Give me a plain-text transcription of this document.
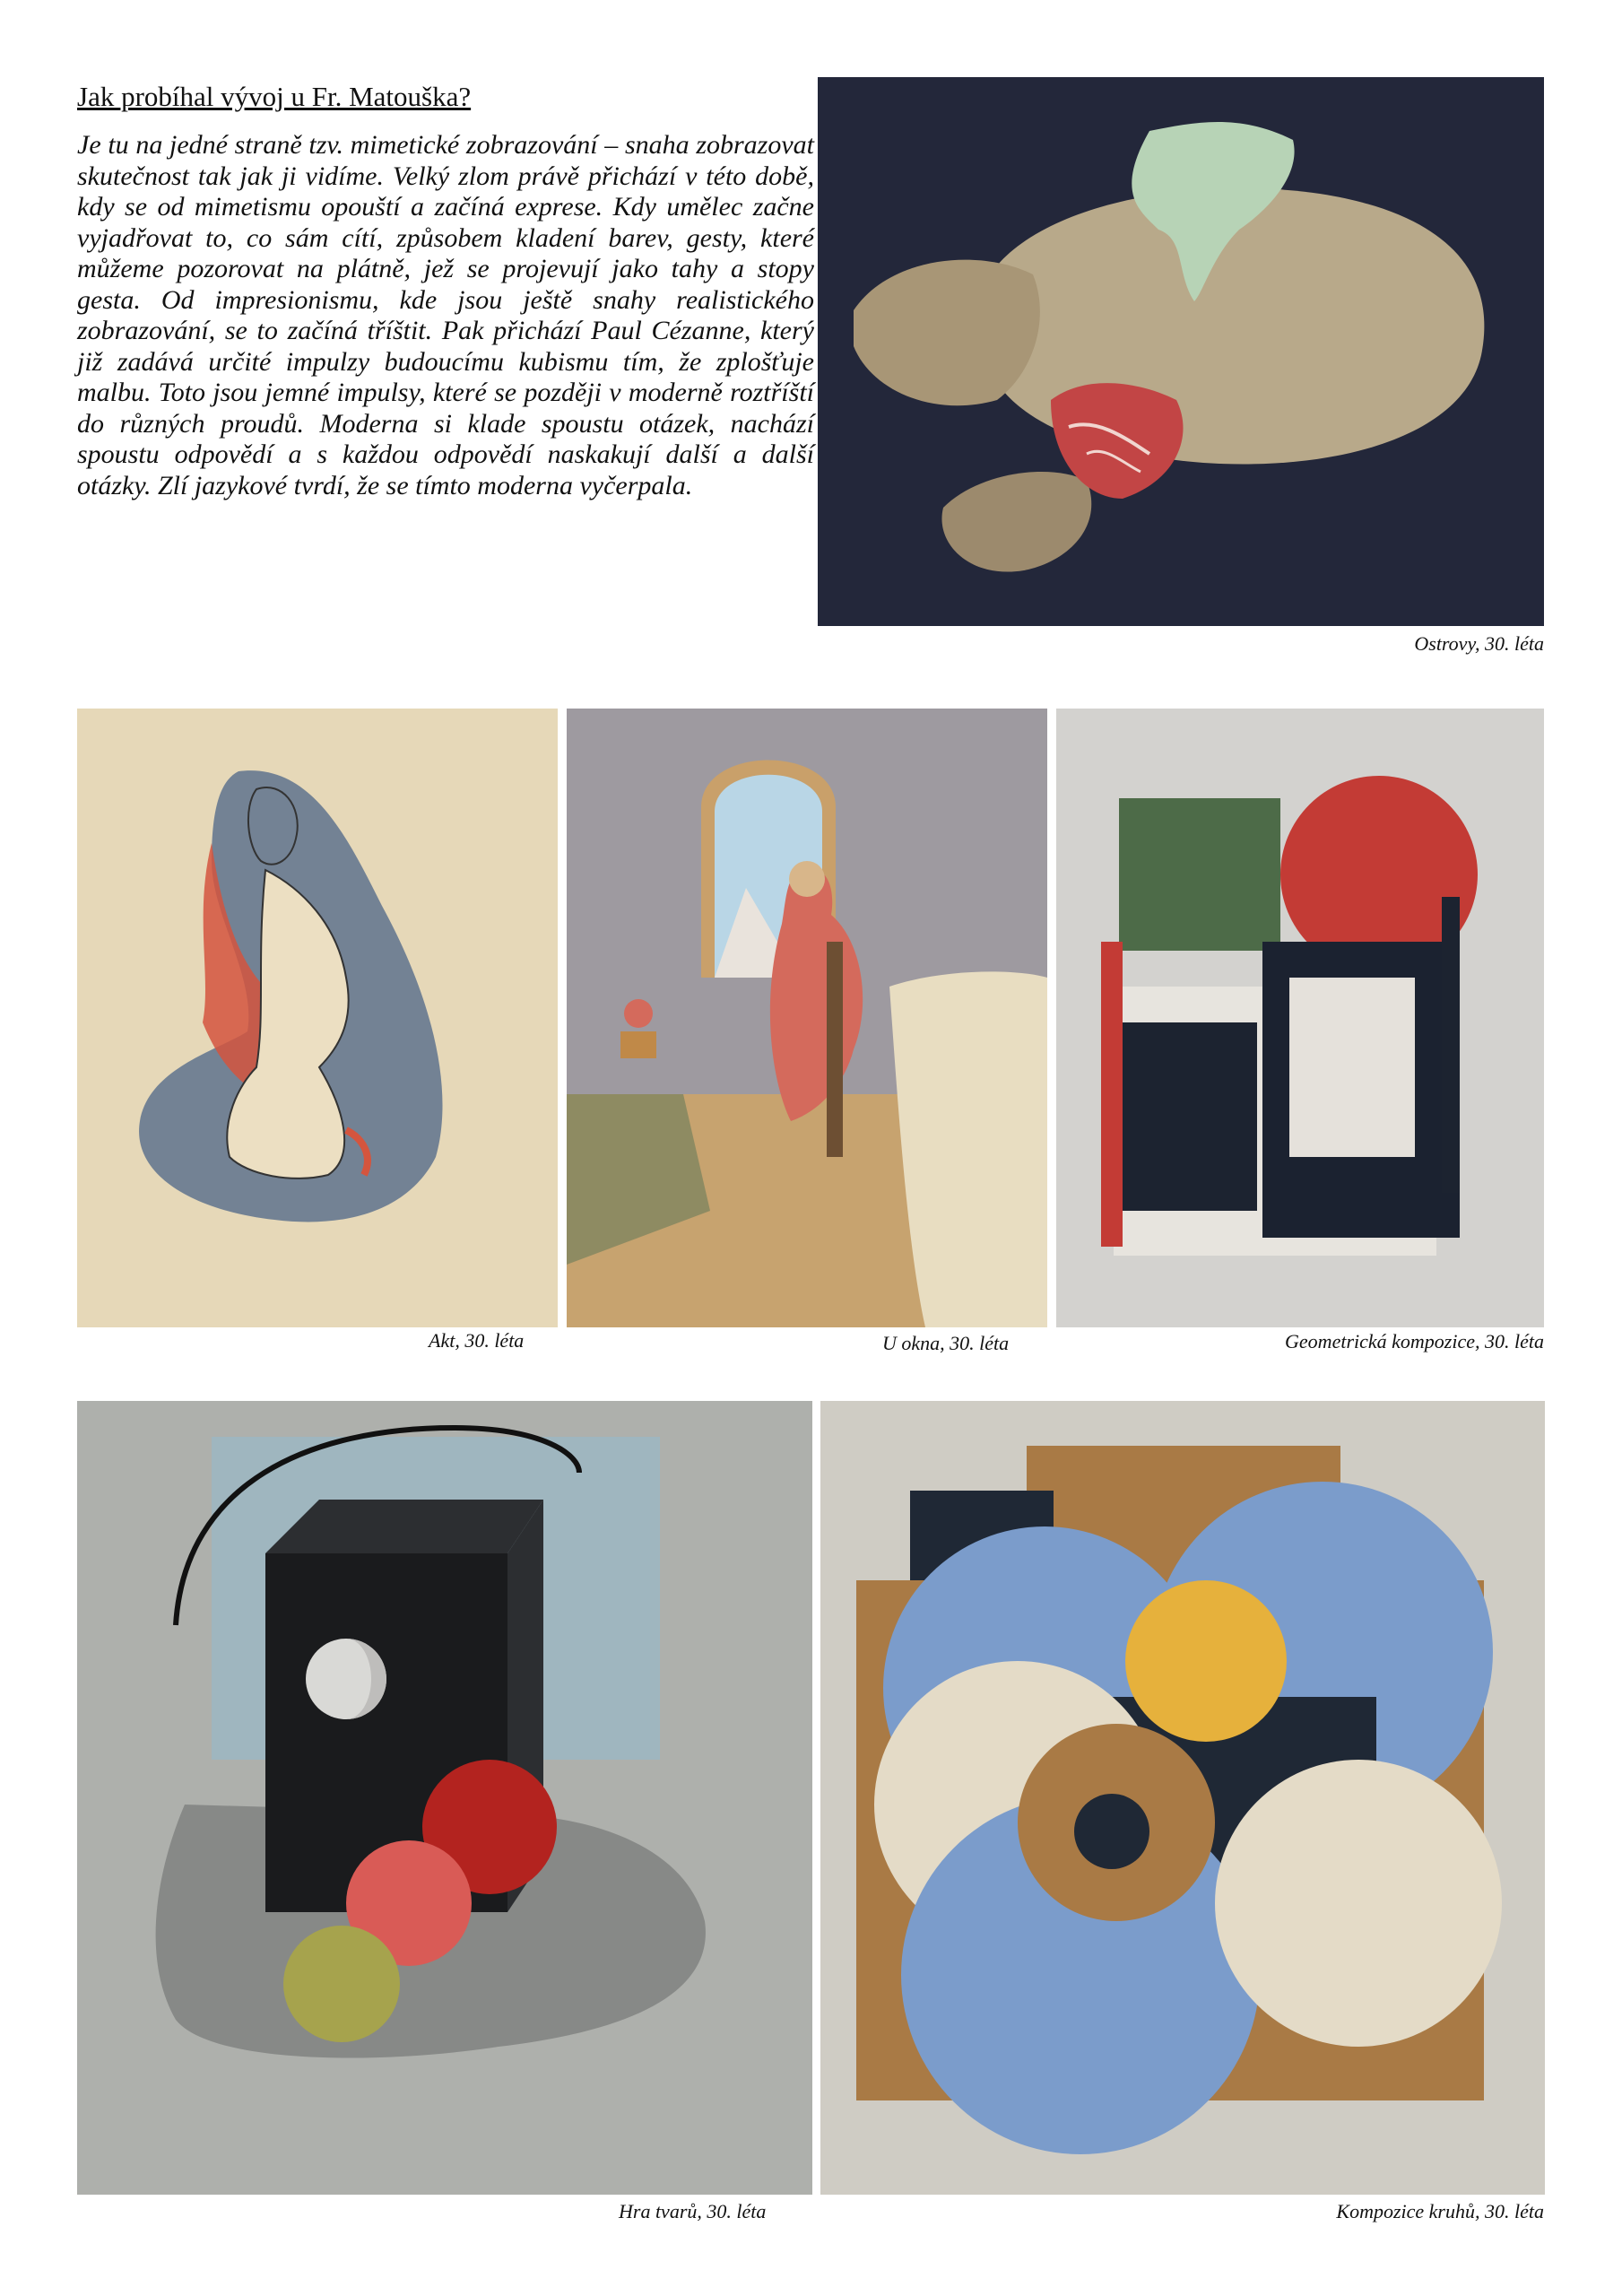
Jak probíhal vývoj u Fr. Matouška?

Je tu na jedné straně tzv. mimetické zobrazování – snaha zobrazovat skutečnost tak jak ji vidíme. Velký zlom právě přichází v této době, kdy se od mimetismu opouští a začíná exprese. Kdy umělec začne vyjadřovat to, co sám cítí, způsobem kladení barev, gesty, které můžeme pozorovat na plátně, jež se projevují jako tahy a stopy gesta. Od impresionismu, kde jsou ještě snahy realistického zobrazování, se to začíná tříštit. Pak přichází Paul Cézanne, který již zadává určité impulzy budoucímu kubismu tím, že zplošťuje malbu. Toto jsou jemné impulsy, které se později v moderně roztříští do různých proudů. Moderna si klade spoustu otázek, nachází spoustu odpovědí a s každou odpovědí naskakují další a další otázky. Zlí jazykové tvrdí, že se tímto moderna vyčerpala.

Ostrovy, 30. léta
Akt, 30. léta	U okna, 30. léta	Geometrická kompozice, 30. léta
Hra tvarů, 30. léta	Kompozice kruhů, 30. léta
